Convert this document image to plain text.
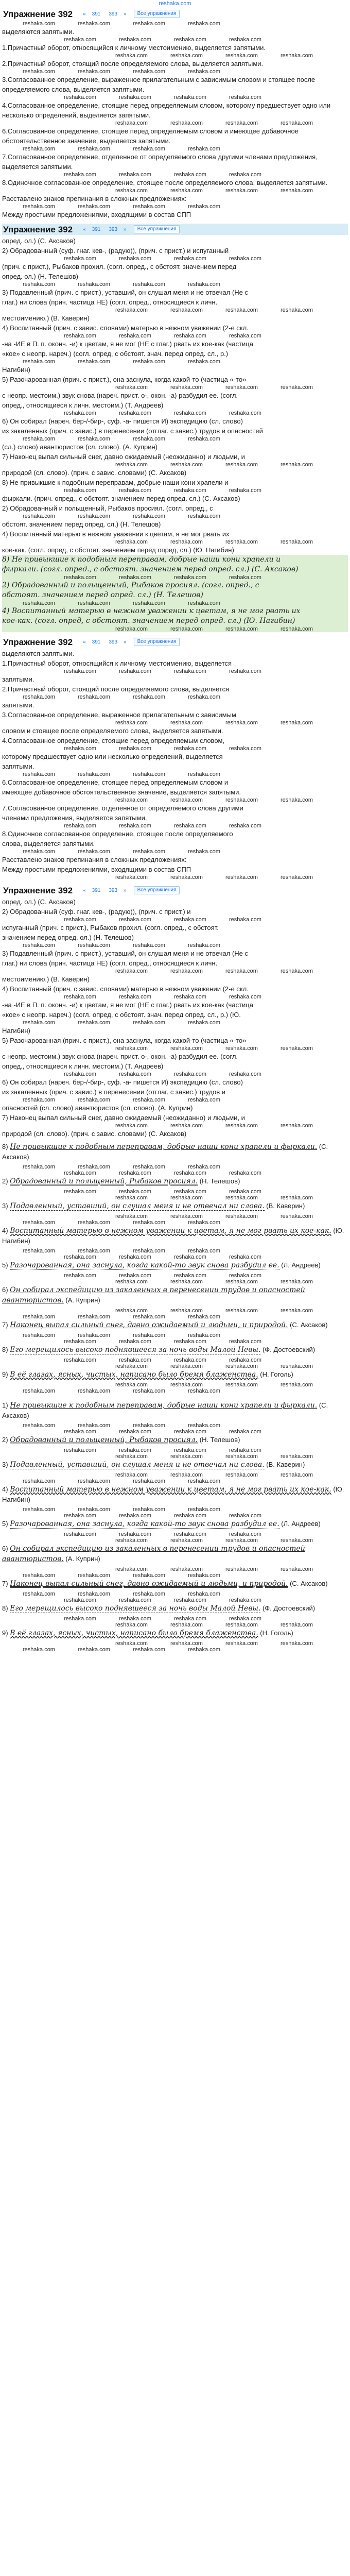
reshaka.com
Упражнение 392	«	391	393	»	Все упражнения
reshaka.com	reshaka.com	reshaka.com	reshaka.com
выделяются запятыми.
reshaka.com	reshaka.com	reshaka.com	reshaka.com
1.Причастный оборот, относящийся к личному местоимению, выделяется запятыми.
reshaka.com	reshaka.com	reshaka.com	reshaka.com
2.Причастный оборот, стоящий после определяемого слова, выделяется запятыми.
reshaka.com	reshaka.com	reshaka.com	reshaka.com
3.Согласованное определение, выраженное прилагательным с зависимым словом и стоящее после определяемого слова, выделяется запятыми.
reshaka.com	reshaka.com	reshaka.com	reshaka.com
4.Согласованное определение, стоящие перед определяемым словом, которому предшествует одно или несколько определений, выделяется запятыми.
reshaka.com	reshaka.com	reshaka.com	reshaka.com
6.Согласованное определение, стоящее перед определяемым словом и имеющее добавочное обстоятельственное значение, выделяется запятыми.
reshaka.com	reshaka.com	reshaka.com	reshaka.com
7.Согласованное определение, отделенное от определяемого слова другими членами предложения, выделяется запятыми.
reshaka.com	reshaka.com	reshaka.com	reshaka.com
8.Одиночное согласованное определение, стоящее после определяемого слова, выделяется запятыми.
reshaka.com	reshaka.com	reshaka.com	reshaka.com
Расставлено знаков препинания в сложных предложениях:
reshaka.com	reshaka.com	reshaka.com	reshaka.com
Между простыми предложениями, входящими в состав СПП
Упражнение 392	«	391	393	»	Все упражнения
опред. ол.) (С. Аксаков)
2) Обрадованный (суф. гнаг. кев-, (радую)), (прич. с прист.) и испуганный
reshaka.com	reshaka.com	reshaka.com	reshaka.com
(прич. с прист.), Рыбаков прохил. (согл. опред., с обстоят. значением перед
опред. ол.) (Н. Телешов)
reshaka.com	reshaka.com	reshaka.com	reshaka.com
3) Подавленный (прич. с прист.), уставший, он слушал меня и не отвечал (Не с
глаг.) ни слова (прич. частица НЕ) (согл. опред., относящиеся к личн.
reshaka.com	reshaka.com	reshaka.com	reshaka.com
местоимению.) (В. Каверин)
4) Воспитанный (прич. с завис. словами) матерью в нежном уважении (2-е скл.
reshaka.com	reshaka.com	reshaka.com	reshaka.com
-на -ИЕ в П. п. оконч. -и) к цветам, я не мог (НЕ с глаг.) рвать их кое-как (частица
«кое» с неопр. нареч.) (согл. опред, с обстоят. знач. перед опред. сл., р.)
reshaka.com	reshaka.com	reshaka.com	reshaka.com
Нагибин)
5) Разочарованная (прич. с прист.), она заснула, когда какой-то (частица «-то»
reshaka.com	reshaka.com	reshaka.com	reshaka.com
с неопр. местоим.) звук снова (нареч. прист. о-, окон. -а) разбудил ее. (согл.
опред., относящиеся к личн. местоим.) (Т. Андреев)
reshaka.com	reshaka.com	reshaka.com	reshaka.com
6) Он собирал (нареч. бер-/-бир-, суф. -а- пишется И) экспедицию (сл. слово)
из закаленных (прич. с завис.) в перенесении (отглаг. с завис.) трудов и опасностей
reshaka.com	reshaka.com	reshaka.com	reshaka.com
(сл.) слово) авантюристов (сл. слово). (А. Куприн)
7) Наконец выпал сильный снег, давно ожидаемый (неожиданно) и людьми, и
reshaka.com	reshaka.com	reshaka.com	reshaka.com
природой (сл. слово). (прич. с завис. словами) (С. Аксаков)
8) Не привыкшие к подобным переправам, добрые наши кони храпели и
reshaka.com	reshaka.com	reshaka.com	reshaka.com
фыркали. (прич. опред., с обстоят. значением перед опред. сл.) (С. Аксаков)
2) Обрадованный и польщенный, Рыбаков просиял. (согл. опред., с
reshaka.com	reshaka.com	reshaka.com	reshaka.com
обстоят. значением перед опред. сл.) (Н. Телешов)
4) Воспитанный матерью в нежном уважении к цветам, я не мог рвать их
reshaka.com	reshaka.com	reshaka.com	reshaka.com
кое-как. (согл. опред, с обстоят. значением перед опред, сл.) (Ю. Нагибин)
8) Не привыкшие к подобным переправам, добрые наши кони храпели и
фыркали. (согл. опред., с обстоят. значением перед опред. сл.) (С. Аксаков)
reshaka.com	reshaka.com	reshaka.com	reshaka.com
2) Обрадованный и польщенный, Рыбаков просиял. (согл. опред., с
обстоят. значением перед опред. сл.) (Н. Телешов)
reshaka.com	reshaka.com	reshaka.com	reshaka.com
4) Воспитанный матерью в нежном уважении к цветам, я не мог рвать их
кое-как. (согл. опред, с обстоят. значением перед опред. сл.) (Ю. Нагибин)
reshaka.com	reshaka.com	reshaka.com	reshaka.com
Упражнение 392	«	391	393	»	Все упражнения
выделяются запятыми.
1.Причастный оборот, относящийся к личному местоимению, выделяется
reshaka.com	reshaka.com	reshaka.com	reshaka.com
запятыми.
2.Причастный оборот, стоящий после определяемого слова, выделяется
reshaka.com	reshaka.com	reshaka.com	reshaka.com
запятыми.
3.Согласованное определение, выраженное прилагательным с зависимым
reshaka.com	reshaka.com	reshaka.com	reshaka.com
словом и стоящее после определяемого слова, выделяется запятыми.
4.Согласованное определение, стоящие перед определяемым словом,
reshaka.com	reshaka.com	reshaka.com	reshaka.com
которому предшествует одно или несколько определений, выделяется
запятыми.
reshaka.com	reshaka.com	reshaka.com	reshaka.com
6.Согласованное определение, стоящее перед определяемым словом и
имеющее добавочное обстоятельственное значение, выделяется запятыми.
reshaka.com	reshaka.com	reshaka.com	reshaka.com
7.Согласованное определение, отделенное от определяемого слова другими
членами предложения, выделяется запятыми.
reshaka.com	reshaka.com	reshaka.com	reshaka.com
8.Одиночное согласованное определение, стоящее после определяемого
слова, выделяется запятыми.
reshaka.com	reshaka.com	reshaka.com	reshaka.com
Расставлено знаков препинания в сложных предложениях:
Между простыми предложениями, входящими в состав СПП
reshaka.com	reshaka.com	reshaka.com	reshaka.com
Упражнение 392	«	391	393	»	Все упражнения
опред. ол.) (С. Аксаков)
2) Обрадованный (суф. гнаг. кев-, (радую)), (прич. с прист.) и
reshaka.com	reshaka.com	reshaka.com	reshaka.com
испуганный (прич. с прист.), Рыбаков прохил. (согл. опред., с обстоят.
значением перед опред. ол.) (Н. Телешов)
reshaka.com	reshaka.com	reshaka.com	reshaka.com
3) Подавленный (прич. с прист.), уставший, он слушал меня и не отвечал (Не с
глаг.) ни слова (прич. частица НЕ) (согл. опред., относящиеся к личн.
reshaka.com	reshaka.com	reshaka.com	reshaka.com
местоимению.) (В. Каверин)
4) Воспитанный (прич. с завис. словами) матерью в нежном уважении (2-е скл.
reshaka.com	reshaka.com	reshaka.com	reshaka.com
-на -ИЕ в П. п. оконч. -и) к цветам, я не мог (НЕ с глаг.) рвать их кое-как (частица
«кое» с неопр. нареч.) (согл. опред, с обстоят. знач. перед опред. сл., р.) (Ю.
reshaka.com	reshaka.com	reshaka.com	reshaka.com
Нагибин)
5) Разочарованная (прич. с прист.), она заснула, когда какой-то (частица «-то»
reshaka.com	reshaka.com	reshaka.com	reshaka.com
с неопр. местоим.) звук снова (нареч. прист. о-, окон. -а) разбудил ее. (согл.
опред., относящиеся к личн. местоим.) (Т. Андреев)
reshaka.com	reshaka.com	reshaka.com	reshaka.com
6) Он собирал (нареч. бер-/-бир-, суф. -а- пишется И) экспедицию (сл. слово)
из закаленных (прич. с завис.) в перенесении (отглаг. с завис.) трудов и
reshaka.com	reshaka.com	reshaka.com	reshaka.com
опасностей (сл. слово) авантюристов (сл. слово). (А. Куприн)
7) Наконец выпал сильный снег, давно ожидаемый (неожиданно) и людьми, и
reshaka.com	reshaka.com	reshaka.com	reshaka.com
природой (сл. слово). (прич. с завис. словами) (С. Аксаков)
8) Не привыкшие к подобным переправам, добрые наши кони храпели и фыркали. (С. Аксаков)
reshaka.com	reshaka.com	reshaka.com	reshaka.com
reshaka.com	reshaka.com	reshaka.com	reshaka.com
2) Обрадованный и польщенный, Рыбаков просиял. (Н. Телешов)
reshaka.com	reshaka.com	reshaka.com	reshaka.com
reshaka.com	reshaka.com	reshaka.com	reshaka.com
3) Подавленный, уставший, он слушал меня и не отвечал ни слова. (В. Каверин)
reshaka.com	reshaka.com	reshaka.com	reshaka.com
reshaka.com	reshaka.com	reshaka.com	reshaka.com
4) Воспитанный матерью в нежном уважении к цветам, я не мог рвать их кое-как. (Ю. Нагибин)
reshaka.com	reshaka.com	reshaka.com	reshaka.com
reshaka.com	reshaka.com	reshaka.com	reshaka.com
5) Разочарованная, она заснула, когда какой-то звук снова разбудил ее. (Л. Андреев)
reshaka.com	reshaka.com	reshaka.com	reshaka.com
reshaka.com	reshaka.com	reshaka.com	reshaka.com
6) Он собирал экспедицию из закаленных в перенесении трудов и опасностей авантюристов. (А. Куприн)
reshaka.com	reshaka.com	reshaka.com	reshaka.com
reshaka.com	reshaka.com	reshaka.com	reshaka.com
7) Наконец выпал сильный снег, давно ожидаемый и людьми, и природой. (С. Аксаков)
reshaka.com	reshaka.com	reshaka.com	reshaka.com
reshaka.com	reshaka.com	reshaka.com	reshaka.com
8) Его мерещилось высоко поднявшееся за ночь воды Малой Невы. (Ф. Достоевский)
reshaka.com	reshaka.com	reshaka.com	reshaka.com
reshaka.com	reshaka.com	reshaka.com	reshaka.com
9) В её глазах, ясных, чистых, написано было бремя блаженства. (Н. Гоголь)
reshaka.com	reshaka.com	reshaka.com	reshaka.com
reshaka.com	reshaka.com	reshaka.com	reshaka.com
1) Не привыкшие к подобным переправам, добрые наши кони храпели и фыркали. (С. Аксаков)
reshaka.com	reshaka.com	reshaka.com	reshaka.com
reshaka.com	reshaka.com	reshaka.com	reshaka.com
2) Обрадованный и польщенный, Рыбаков просиял. (Н. Телешов)
reshaka.com	reshaka.com	reshaka.com	reshaka.com
reshaka.com	reshaka.com	reshaka.com	reshaka.com
3) Подавленный, уставший, он слушал меня и не отвечал ни слова. (В. Каверин)
reshaka.com	reshaka.com	reshaka.com	reshaka.com
reshaka.com	reshaka.com	reshaka.com	reshaka.com
4) Воспитанный матерью в нежном уважении к цветам, я не мог рвать их кое-как. (Ю. Нагибин)
reshaka.com	reshaka.com	reshaka.com	reshaka.com
reshaka.com	reshaka.com	reshaka.com	reshaka.com
5) Разочарованная, она заснула, когда какой-то звук снова разбудил ее. (Л. Андреев)
reshaka.com	reshaka.com	reshaka.com	reshaka.com
reshaka.com	reshaka.com	reshaka.com	reshaka.com
6) Он собирал экспедицию из закаленных в перенесении трудов и опасностей авантюристов. (А. Куприн)
reshaka.com	reshaka.com	reshaka.com	reshaka.com
reshaka.com	reshaka.com	reshaka.com	reshaka.com
7) Наконец выпал сильный снег, давно ожидаемый и людьми, и природой. (С. Аксаков)
reshaka.com	reshaka.com	reshaka.com	reshaka.com
reshaka.com	reshaka.com	reshaka.com	reshaka.com
8) Его мерещилось высоко поднявшееся за ночь воды Малой Невы. (Ф. Достоевский)
reshaka.com	reshaka.com	reshaka.com	reshaka.com
reshaka.com	reshaka.com	reshaka.com	reshaka.com
9) В её глазах, ясных, чистых, написано было бремя блаженства. (Н. Гоголь)
reshaka.com	reshaka.com	reshaka.com	reshaka.com
reshaka.com	reshaka.com	reshaka.com	reshaka.com
